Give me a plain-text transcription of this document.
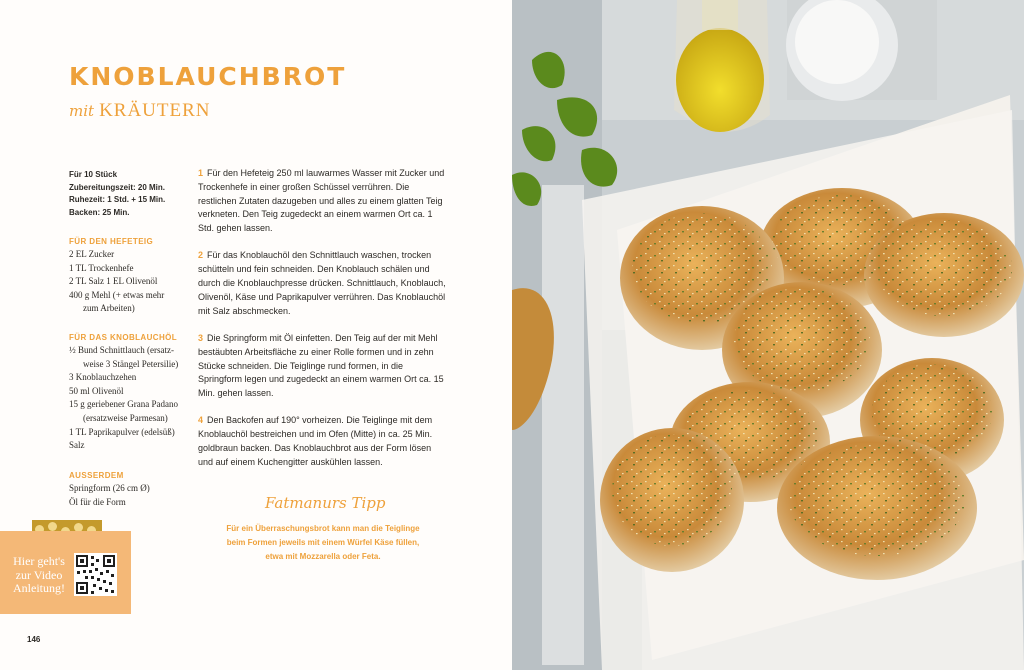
KNOBLAUCHBROT
mit KRÄUTERN
Für 10 Stück
Zubereitungszeit: 20 Min.
Ruhezeit: 1 Std. + 15 Min.
Backen: 25 Min.
FÜR DEN HEFETEIG
2 EL Zucker
1 TL Trockenhefe
2 TL Salz 1 EL Olivenöl
400 g Mehl (+ etwas mehr
zum Arbeiten)
FÜR DAS KNOBLAUCHÖL
½ Bund Schnittlauch (ersatz-
weise 3 Stängel Petersilie)
3 Knoblauchzehen
50 ml Olivenöl
15 g geriebener Grana Padano
(ersatzweise Parmesan)
1 TL Paprikapulver (edelsüß)
Salz
AUSSERDEM
Springform (26 cm Ø)
Öl für die Form

1 Für den Hefeteig 250 ml lauwarmes Wasser mit Zucker und Trockenhefe in einer großen Schüssel verrühren. Die restlichen Zutaten dazugeben und alles zu einem glatten Teig verkneten. Den Teig zugedeckt an einem warmen Ort ca. 1 Std. gehen lassen.

2 Für das Knoblauchöl den Schnittlauch waschen, trocken schütteln und fein schneiden. Den Knoblauch schälen und durch die Knoblauchpresse drücken. Schnittlauch, Knoblauch, Olivenöl, Käse und Paprikapulver verrühren. Das Knoblauchöl mit Salz abschmecken.

3 Die Springform mit Öl einfetten. Den Teig auf der mit Mehl bestäubten Arbeitsfläche zu einer Rolle formen und in zehn Stücke schneiden. Die Teiglinge rund formen, in die Springform legen und zugedeckt an einem warmen Ort ca. 15 Min. gehen lassen.

4 Den Backofen auf 190° vorheizen. Die Teiglinge mit dem Knoblauchöl bestreichen und im Ofen (Mitte) in ca. 25 Min. goldbraun backen. Das Knoblauchbrot aus der Form lösen und auf einem Kuchengitter auskühlen lassen.

Fatmanurs Tipp
Für ein Überraschungsbrot kann man die Teiglinge beim Formen jeweils mit einem Würfel Käse füllen, etwa mit Mozzarella oder Feta.
Hier geht's
zur Video
Anleitung!
146
